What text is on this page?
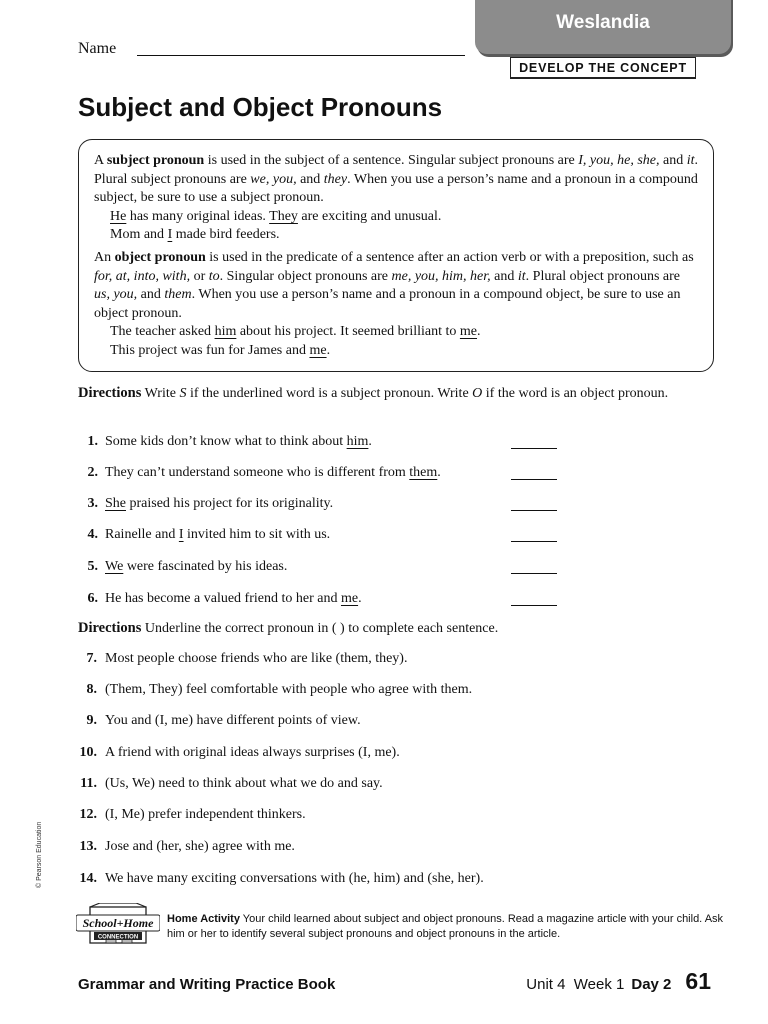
Name
Weslandia
DEVELOP THE CONCEPT
Subject and Object Pronouns

A subject pronoun is used in the subject of a sentence. Singular subject pronouns are I, you, he, she, and it. Plural subject pronouns are we, you, and they. When you use a person’s name and a pronoun in a compound subject, be sure to use a subject pronoun.

He has many original ideas. They are exciting and unusual.

Mom and I made bird feeders.

An object pronoun is used in the predicate of a sentence after an action verb or with a preposition, such as for, at, into, with, or to. Singular object pronouns are me, you, him, her, and it. Plural object pronouns are us, you, and them. When you use a person’s name and a pronoun in a compound object, be sure to use an object pronoun.

The teacher asked him about his project. It seemed brilliant to me.

This project was fun for James and me.

Directions Write S if the underlined word is a subject pronoun. Write O if the word is an object pronoun.
1. Some kids don’t know what to think about him.
2. They can’t understand someone who is different from them.
3. She praised his project for its originality.
4. Rainelle and I invited him to sit with us.
5. We were fascinated by his ideas.
6. He has become a valued friend to her and me.
Directions Underline the correct pronoun in ( ) to complete each sentence.
7. Most people choose friends who are like (them, they).
8. (Them, They) feel comfortable with people who agree with them.
9. You and (I, me) have different points of view.
10. A friend with original ideas always surprises (I, me).
11. (Us, We) need to think about what we do and say.
12. (I, Me) prefer independent thinkers.
13. Jose and (her, she) agree with me.
14. We have many exciting conversations with (he, him) and (she, her).
© Pearson Education
School+Home
CONNECTION
Home Activity Your child learned about subject and object pronouns. Read a magazine article with your child. Ask him or her to identify several subject pronouns and object pronouns in the article.
Grammar and Writing Practice Book	Unit 4  Week 1 Day 2 61
